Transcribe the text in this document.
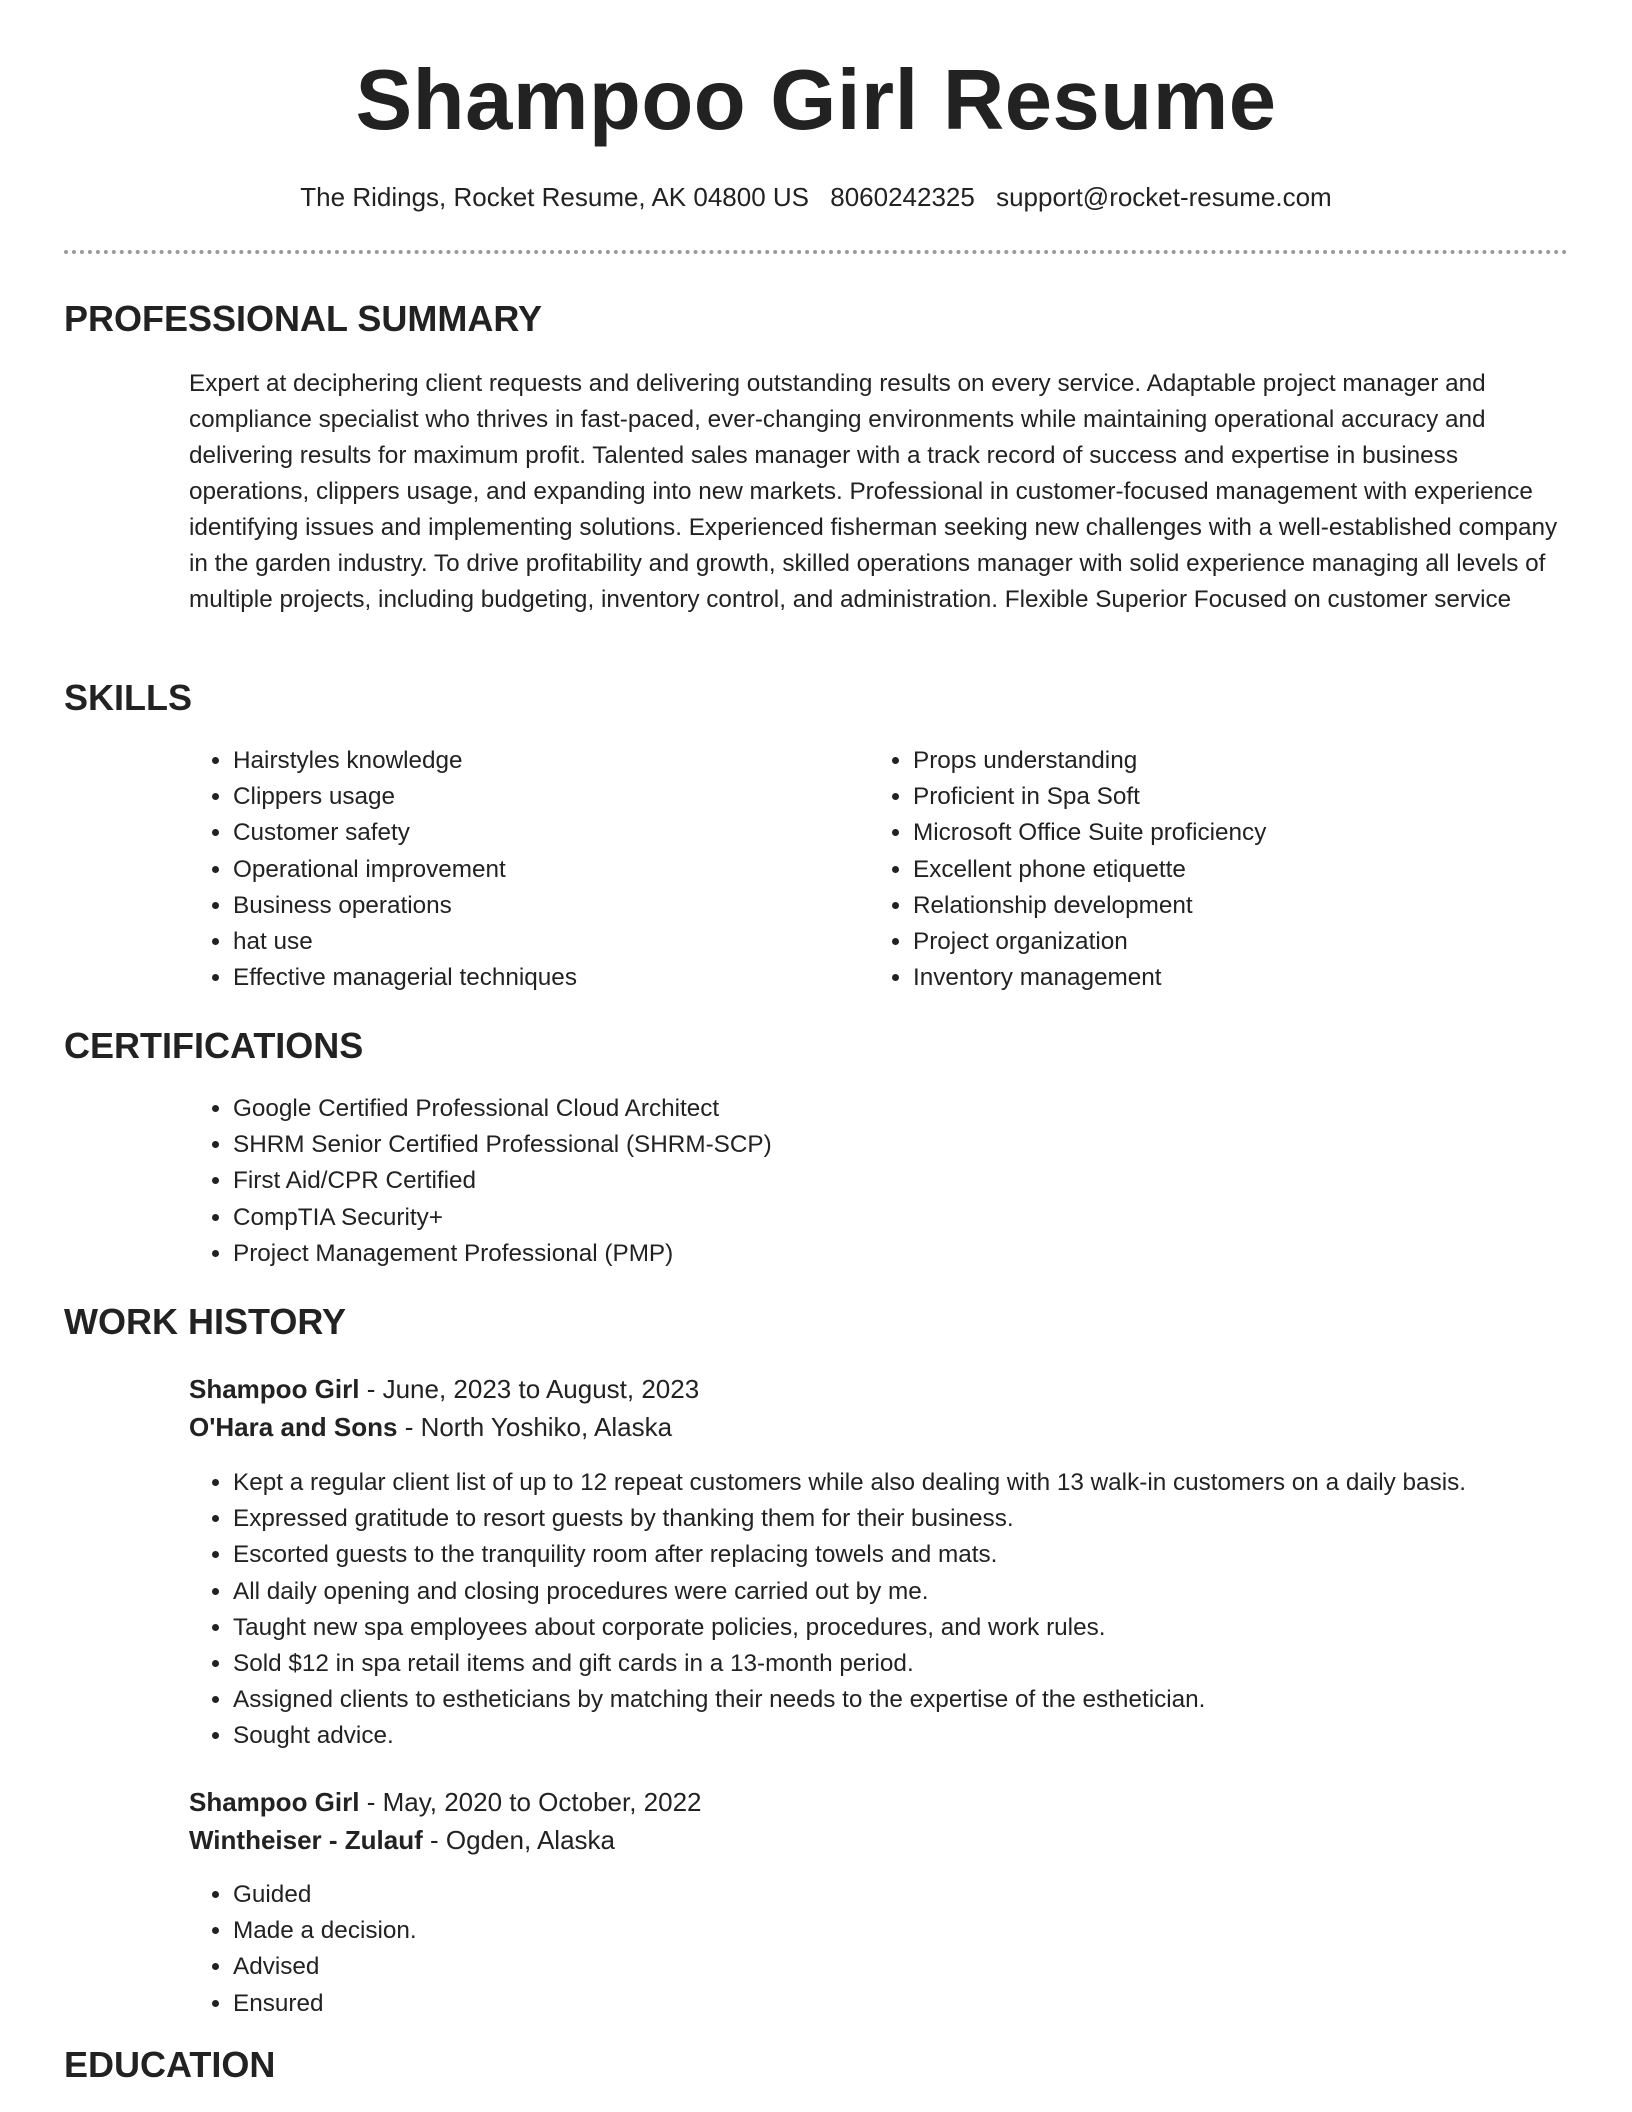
Shampoo Girl Resume
The Ridings, Rocket Resume, AK 04800 US 8060242325 support@rocket-resume.com
PROFESSIONAL SUMMARY

Expert at deciphering client requests and delivering outstanding results on every service. Adaptable project manager and compliance specialist who thrives in fast-paced, ever-changing environments while maintaining operational accuracy and delivering results for maximum profit. Talented sales manager with a track record of success and expertise in business operations, clippers usage, and expanding into new markets. Professional in customer-focused management with experience identifying issues and implementing solutions. Experienced fisherman seeking new challenges with a well-established company in the garden industry. To drive profitability and growth, skilled operations manager with solid experience managing all levels of multiple projects, including budgeting, inventory control, and administration. Flexible Superior Focused on customer service

SKILLS
• Hairstyles knowledge
• Clippers usage
• Customer safety
• Operational improvement
• Business operations
• hat use
• Effective managerial techniques
• Props understanding
• Proficient in Spa Soft
• Microsoft Office Suite proficiency
• Excellent phone etiquette
• Relationship development
• Project organization
• Inventory management
CERTIFICATIONS
• Google Certified Professional Cloud Architect
• SHRM Senior Certified Professional (SHRM-SCP)
• First Aid/CPR Certified
• CompTIA Security+
• Project Management Professional (PMP)
WORK HISTORY
Shampoo Girl - June, 2023 to August, 2023
O'Hara and Sons - North Yoshiko, Alaska
• Kept a regular client list of up to 12 repeat customers while also dealing with 13 walk-in customers on a daily basis.
• Expressed gratitude to resort guests by thanking them for their business.
• Escorted guests to the tranquility room after replacing towels and mats.
• All daily opening and closing procedures were carried out by me.
• Taught new spa employees about corporate policies, procedures, and work rules.
• Sold $12 in spa retail items and gift cards in a 13-month period.
• Assigned clients to estheticians by matching their needs to the expertise of the esthetician.
• Sought advice.
Shampoo Girl - May, 2020 to October, 2022
Wintheiser - Zulauf - Ogden, Alaska
• Guided
• Made a decision.
• Advised
• Ensured
EDUCATION
